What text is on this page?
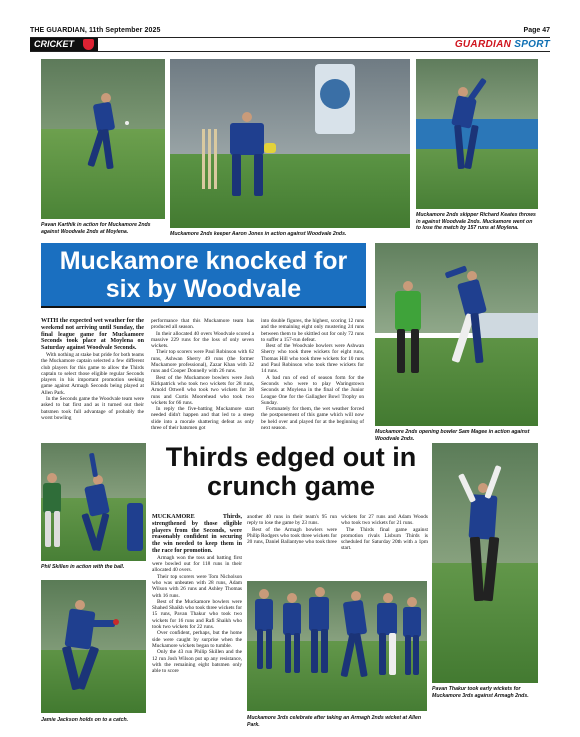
THE GUARDIAN, 11th September 2025	Page 47
CRICKET	GUARDIAN SPORT
Pavan Karthik in action for Muckamore 2nds against Woodvale 2nds at Moylena.	Muckamore 2nds keeper Aaron Jones in action against Woodvale 2nds.
Muckamore 2nds skipper Richard Keates throws in against Woodvale 2nds. Muckamore went on to lose the match by 157 runs at Moylena.
Muckamore knocked for six by Woodvale

WITH the expected wet weather for the weekend not arriving until Sunday, the final league game for Muckamore Seconds took place at Moylena on Saturday against Woodvale Seconds.

With nothing at stake but pride for both teams the Muckamore captain selected a few different club players for this game to allow the Thirds captain to select those eligible regular Seconds players in his important promotion seeking game against Armagh Seconds being played at Allen Park.

In the Seconds game the Woodvale team were asked to bat first and as it turned out their batsmen took full advantage of probably the worst bowling

performance that this Muckamore team has produced all season.

In their allocated 40 overs Woodvale scored a massive 229 runs for the loss of only seven wickets.

Their top scorers were Paul Robinson with 62 runs, Ashwan Sherry 49 runs (the former Muckamore professional), Zazar Khan with 32 runs and Cooper Donnelly with 26 runs.

Best of the Muckamore bowlers were Josh Kirkpatrick who took two wickets for 28 runs, Arnold Ottwell who took two wickets for 38 runs and Curtis Moorehead who took two wickets for 66 runs.

In reply the five-batting Muckamore start needed didn't happen and that led to a steep slide into a morale shattering defeat as only three of their batsmen got

into double figures, the highest, scoring 12 runs and the remaining eight only mustering 24 runs between them to be skittled out for only 72 runs to suffer a 157-run defeat.

Best of the Woodvale bowlers were Ashwan Sherry who took three wickets for eight runs, Thomas Hill who took three wickets for 10 runs and Paul Robinson who took three wickets for 14 runs.

A bad run of end of season form for the Seconds who were to play Waringstown Seconds at Moylena in the final of the Junior League One for the Gallagher Bowl Trophy on Sunday.

Fortunately for them, the wet weather forced the postponement of this game which will now be held over and played for at the beginning of next season.

Muckamore 2nds opening bowler Sam Magee in action against Woodvale 2nds.
Thirds edged out in crunch game
Phil Skillen in action with the ball.
Jamie Jackson holds on to a catch.

MUCKAMORE Thirds, strengthened by those eligible players from the Seconds, were reasonably confident in securing the win needed to keep them in the race for promotion.

Armagh won the toss and batting first were bowled out for 118 runs in their allocated 40 overs.

Their top scorers were Tom Nicholson who was unbeaten with 28 runs, Adam Wilson with 26 runs and Ashley Thomas with 16 runs.

Best of the Muckamore bowlers were Shahed Shaikh who took three wickets for 15 runs, Pavan Thakur who took two wickets for 16 runs and Rafi Shaikh who took two wickets for 22 runs.

Over confident, perhaps, but the home side were caught by surprise when the Muckamore wickets began to tumble.

Only the 43 run Philip Skillen and the 12 run Josh Wilson put up any resistance, with the remaining eight batsmen only able to score

another 40 runs in their team's 95 run reply to lose the game by 23 runs.

Best of the Armagh bowlers were Philip Rodgers who took three wickets for 20 runs, Daniel Ballantyne who took three

wickets for 27 runs and Adam Woods who took two wickets for 21 runs.

The Thirds final game against promotion rivals Lisburn Thirds is scheduled for Saturday 20th with a 1pm start.

Muckamore 3rds celebrate after taking an Armagh 2nds wicket at Allen Park.
Pavan Thakur took early wickets for Muckamore 3rds against Armagh 2nds.
